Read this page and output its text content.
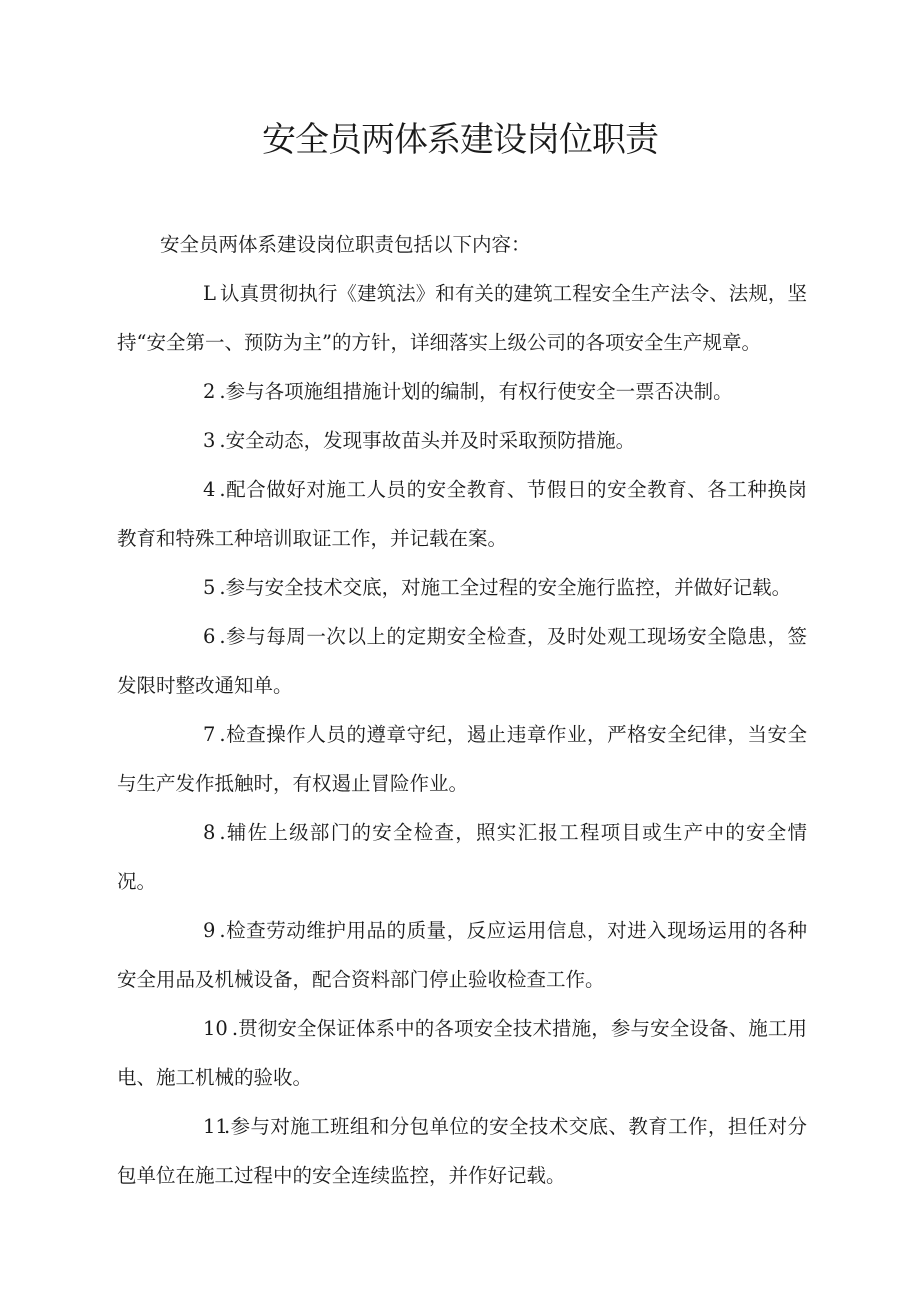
安全员两体系建设岗位职责

安全员两体系建设岗位职责包括以下内容：

L 认真贯彻执行《建筑法》和有关的建筑工程安全生产法令、法规，坚持“安全第一、预防为主”的方针，详细落实上级公司的各项安全生产规章。

2 .参与各项施组措施计划的编制，有权行使安全一票否决制。

3 .安全动态，发现事故苗头并及时采取预防措施。

4 .配合做好对施工人员的安全教育、节假日的安全教育、各工种换岗教育和特殊工种培训取证工作，并记载在案。

5 .参与安全技术交底，对施工全过程的安全施行监控，并做好记载。

6 .参与每周一次以上的定期安全检查，及时处观工现场安全隐患，签发限时整改通知单。

7 .检查操作人员的遵章守纪，遏止违章作业，严格安全纪律，当安全与生产发作抵触时，有权遏止冒险作业。

8 .辅佐上级部门的安全检查，照实汇报工程项目或生产中的安全情况。

9 .检查劳动维护用品的质量，反应运用信息，对进入现场运用的各种安全用品及机械设备，配合资料部门停止验收检查工作。

10 .贯彻安全保证体系中的各项安全技术措施，参与安全设备、施工用电、施工机械的验收。

11.参与对施工班组和分包单位的安全技术交底、教育工作，担任对分包单位在施工过程中的安全连续监控，并作好记载。
